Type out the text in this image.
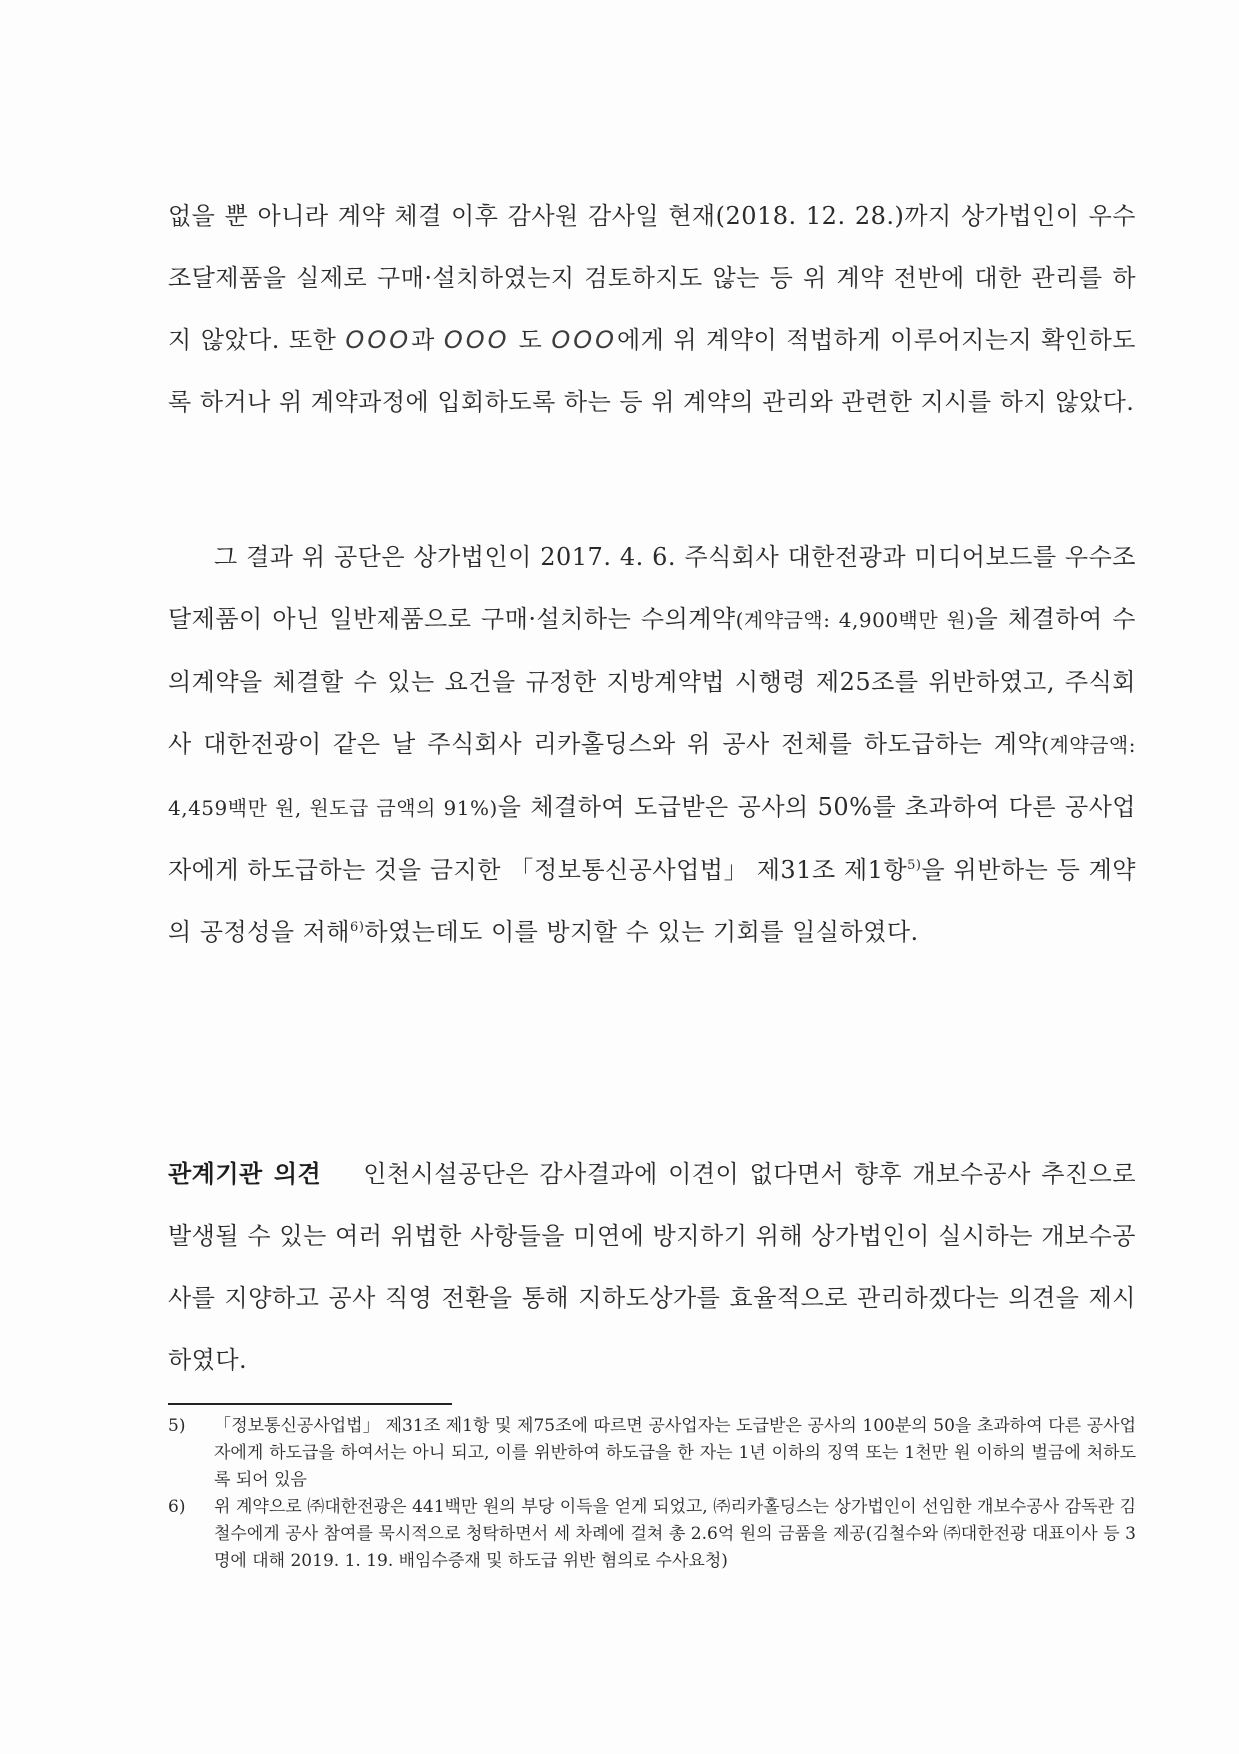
없을 뿐 아니라 계약 체결 이후 감사원 감사일 현재(2018. 12. 28.)까지 상가법인이 우수조달제품을 실제로 구매·설치하였는지 검토하지도 않는 등 위 계약 전반에 대한 관리를 하지 않았다. 또한 OOO과 OOO 도 OOO에게 위 계약이 적법하게 이루어지는지 확인하도록 하거나 위 계약과정에 입회하도록 하는 등 위 계약의 관리와 관련한 지시를 하지 않았다.

그 결과 위 공단은 상가법인이 2017. 4. 6. 주식회사 대한전광과 미디어보드를 우수조달제품이 아닌 일반제품으로 구매·설치하는 수의계약(계약금액: 4,900백만 원)을 체결하여 수의계약을 체결할 수 있는 요건을 규정한 지방계약법 시행령 제25조를 위반하였고, 주식회사 대한전광이 같은 날 주식회사 리카홀딩스와 위 공사 전체를 하도급하는 계약(계약금액: 4,459백만 원, 원도급 금액의 91%)을 체결하여 도급받은 공사의 50%를 초과하여 다른 공사업자에게 하도급하는 것을 금지한 「정보통신공사업법」 제31조 제1항$^{5)}$을 위반하는 등 계약의 공정성을 저해$^{6)}$하였는데도 이를 방지할 수 있는 기회를 일실하였다.

관계기관 의견 인천시설공단은 감사결과에 이견이 없다면서 향후 개보수공사 추진으로 발생될 수 있는 여러 위법한 사항들을 미연에 방지하기 위해 상가법인이 실시하는 개보수공사를 지양하고 공사 직영 전환을 통해 지하도상가를 효율적으로 관리하겠다는 의견을 제시하였다.

5)	「정보통신공사업법」 제31조 제1항 및 제75조에 따르면 공사업자는 도급받은 공사의 100분의 50을 초과하여 다른 공사업자에게 하도급을 하여서는 아니 되고, 이를 위반하여 하도급을 한 자는 1년 이하의 징역 또는 1천만 원 이하의 벌금에 처하도록 되어 있음
6)	위 계약으로 ㈜대한전광은 441백만 원의 부당 이득을 얻게 되었고, ㈜리카홀딩스는 상가법인이 선임한 개보수공사 감독관 김철수에게 공사 참여를 묵시적으로 청탁하면서 세 차례에 걸쳐 총 2.6억 원의 금품을 제공(김철수와 ㈜대한전광 대표이사 등 3명에 대해 2019. 1. 19. 배임수증재 및 하도급 위반 혐의로 수사요청)
